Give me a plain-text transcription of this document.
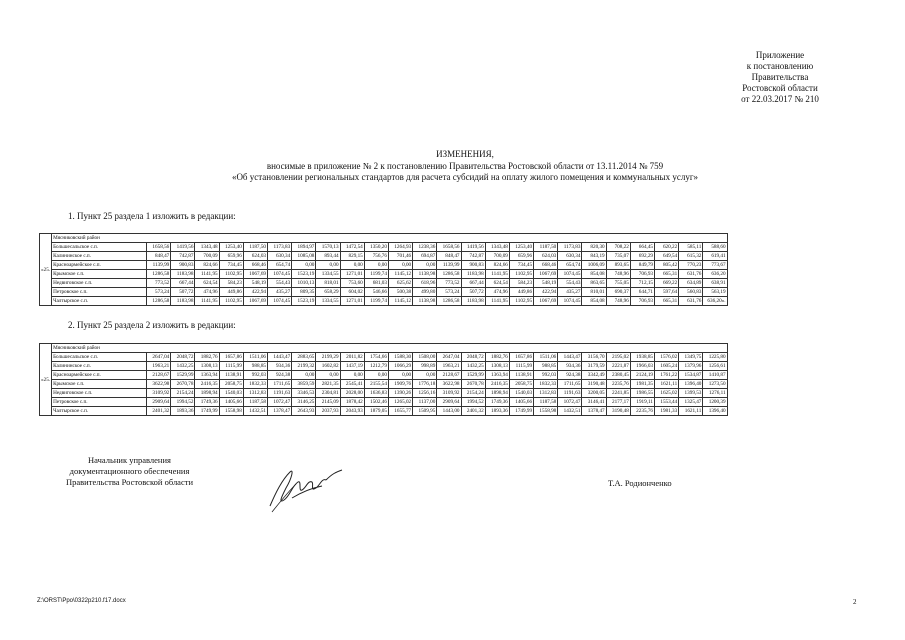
Приложение
к постановлению
Правительства
Ростовской области
от 22.03.2017 № 210
ИЗМЕНЕНИЯ,
вносимые в приложение № 2 к постановлению Правительства Ростовской области от 13.11.2014 № 759
«Об установлении региональных стандартов для расчета субсидий на оплату жилого помещения и коммунальных услуг»
1. Пункт 25 раздела 1 изложить в редакции:
«25.	Мясниковский район																								
	Большесальское с.п.	1658,56	1419,56	1343,48	1253,40	1187,50	1173,83	1894,97	1570,13	1472,54	1350,20	1264,93	1238,36	1658,56	1419,56	1343,48	1253,40	1187,50	1173,83	820,30	708,22	664,45	620,22	585,11	588,60
	Калининское с.п.	848,47	742,87	700,09	659,96	624,03	630,34	1085,08	893,44	829,15	756,76	701,46	694,87	848,47	742,87	700,09	659,96	624,03	630,34	843,19	735,07	692,29	649,54	615,32	619,41
	Красноармейское с.п.	1139,99	900,83	824,66	734,45	668,46	654,74	0,00	0,00	0,00	0,00	0,00	0,00	1139,99	900,83	824,66	734,45	668,46	654,74	1006,09	893,65	849,79	805,42	770,23	773,67
	Крымское с.п.	1286,58	1183,98	1141,95	1102,95	1067,69	1074,45	1523,19	1334,55	1271,01	1199,74	1145,12	1138,98	1286,58	1183,98	1141,95	1102,95	1067,69	1074,45	854,08	748,96	706,93	665,31	631,76	636,20
	Недвиговское с.п.	773,52	667,44	624,54	584,23	548,19	554,43	1010,13	818,01	753,60	681,03	625,62	618,96	773,52	667,44	624,54	584,23	548,19	554,43	863,65	755,05	712,15	669,22	634,89	638,91
	Петровское с.п.	573,24	507,72	474,96	449,86	422,94	435,27	809,35	658,29	604,02	546,66	500,38	499,80	573,24	507,72	474,96	449,86	422,94	435,27	810,01	690,37	644,71	597,64	560,83	563,19
	Чалтырское с.п.	1286,58	1183,98	1141,95	1102,95	1067,69	1074,45	1523,19	1334,55	1271,01	1199,74	1145,12	1138,98	1286,58	1183,98	1141,95	1102,95	1067,69	1074,45	854,08	748,96	706,93	665,31	631,76	636,20».
2. Пункт 25 раздела 2 изложить в редакции:
«25.	Мясниковский район																								
	Большесальское с.п.	2647,04	2048,72	1882,76	1657,86	1511,06	1443,47	2883,65	2199,29	2011,82	1754,66	1588,30	1508,00	2647,04	2048,72	1882,76	1657,86	1511,06	1443,47	3156,70	2195,02	1938,85	1576,02	1349,75	1225,80
	Калининское с.п.	1963,21	1432,25	1308,13	1115,99	988,85	934,36	2199,32	1602,82	1437,19	1212,79	1066,29	998,89	1963,21	1432,25	1308,13	1115,99	988,85	934,36	3179,59	2221,87	1966,03	1605,24	1379,96	1256,61
	Красноармейское с.п.	2128,67	1529,99	1363,94	1138,91	992,03	924,38	0,00	0,00	0,00	0,00	0,00	0,00	2128,67	1529,99	1363,94	1138,91	992,03	924,38	3342,49	2380,45	2124,19	1761,22	1534,87	1410,87
	Крымское с.п.	3622,98	2670,78	2416,35	2058,75	1832,33	1711,65	3859,59	2821,35	2545,41	2155,54	1909,76	1776,18	3622,98	2670,78	2416,35	2058,75	1832,33	1711,65	3190,48	2235,76	1981,35	1621,11	1396,40	1273,50
	Недвиговское с.п.	3109,92	2154,24	1898,94	1540,03	1312,83	1191,63	3346,53	2304,81	2028,00	1636,83	1390,26	1256,16	3109,92	2154,24	1898,94	1540,03	1312,83	1191,63	3200,05	2241,85	1986,55	1625,02	1399,53	1276,11
	Петровское с.п.	2909,64	1994,52	1749,36	1405,66	1187,58	1072,47	3146,25	2145,09	1878,42	1502,46	1265,02	1137,00	2909,64	1994,52	1749,36	1405,66	1187,58	1072,47	3146,41	2177,17	1919,11	1553,44	1325,47	1200,39
	Чалтырское с.п.	2401,32	1893,36	1749,99	1558,98	1432,51	1378,47	2643,93	2037,93	2043,93	1879,05	1655,77	1509,95	1443,00	2401,32	1893,36	1749,99	1558,98	1432,51	1378,47	3190,48	2235,76	1981,33	1621,11	1396,40
Начальник управления
документационного обеспечения
Правительства Ростовской области	Т.А. Родионченко
Z:\ORST\Ppo\0322p210.f17.docx	2
